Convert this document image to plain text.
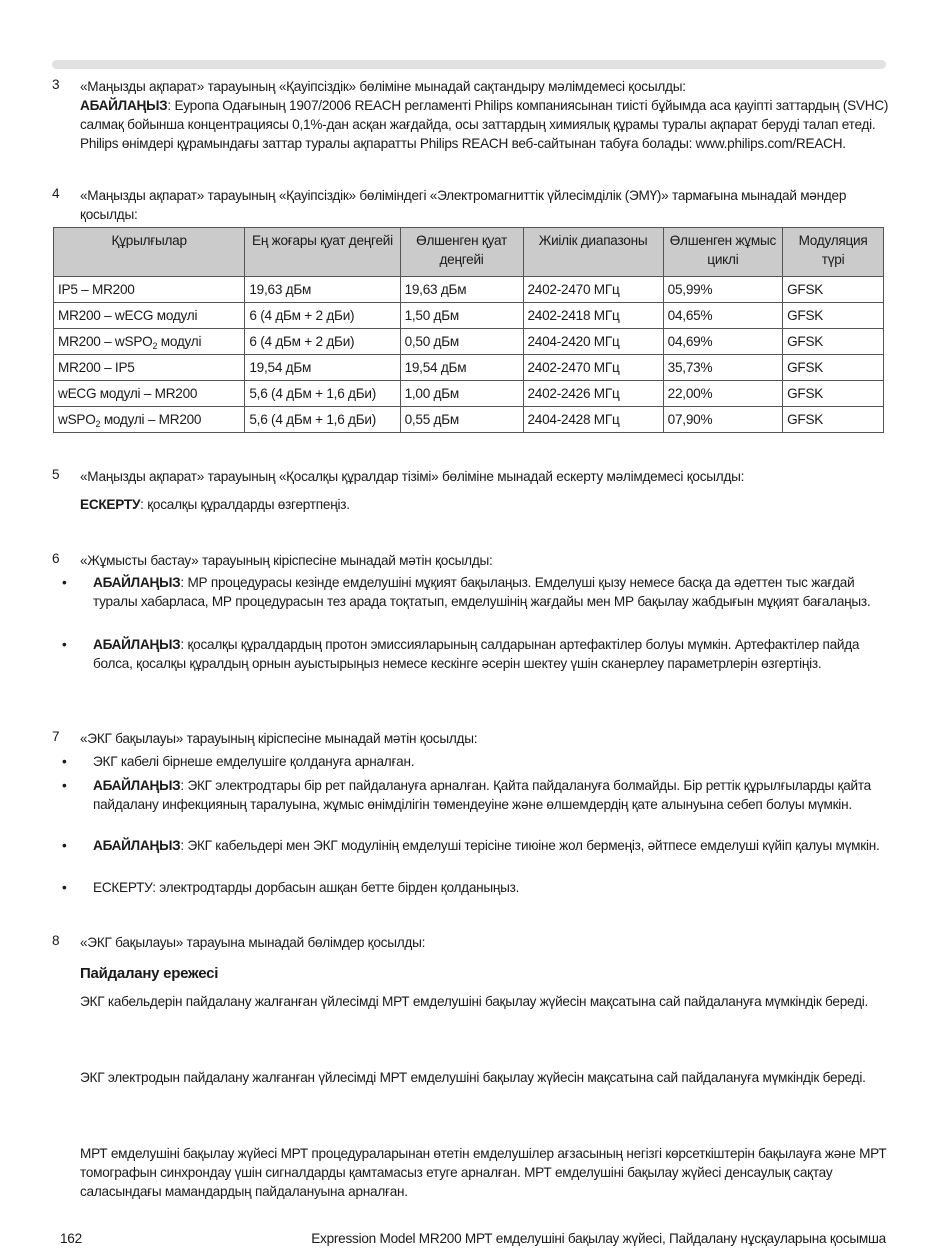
3 «Маңызды ақпарат» тарауының «Қауіпсіздік» бөліміне мынадай сақтандыру мәлімдемесі қосылды:
АБАЙЛАҢЫЗ: Еуропа Одағының 1907/2006 REACH регламенті Philips компаниясынан тиісті бұйымда аса қауіпті заттардың (SVHC) салмақ бойынша концентрациясы 0,1%-дан асқан жағдайда, осы заттардың химиялық құрамы туралы ақпарат беруді талап етеді. Philips өнімдері құрамындағы заттар туралы ақпаратты Philips REACH веб-сайтынан табуға болады: www.philips.com/REACH.
4 «Маңызды ақпарат» тарауының «Қауіпсіздік» бөліміндегі «Электромагниттік үйлесімділік (ЭМҮ)» тармағына мынадай мәндер қосылды:
Құрылғылар	Ең жоғары қуат деңгейі	Өлшенген қуат деңгейі	Жиілік диапазоны	Өлшенген жұмыс циклі	Модуляция түрі
IP5 – MR200	19,63 дБм	19,63 дБм	2402-2470 МГц	05,99%	GFSK
MR200 – wECG модулі	6 (4 дБм + 2 дБи)	1,50 дБм	2402-2418 МГц	04,65%	GFSK
MR200 – wSPO$_2$ модулі	6 (4 дБм + 2 дБи)	0,50 дБм	2404-2420 МГц	04,69%	GFSK
MR200 – IP5	19,54 дБм	19,54 дБм	2402-2470 МГц	35,73%	GFSK
wECG модулі – MR200	5,6 (4 дБм + 1,6 дБи)	1,00 дБм	2402-2426 МГц	22,00%	GFSK
wSPO$_2$ модулі – MR200	5,6 (4 дБм + 1,6 дБи)	0,55 дБм	2404-2428 МГц	07,90%	GFSK
5 «Маңызды ақпарат» тарауының «Қосалқы құралдар тізімі» бөліміне мынадай ескерту мәлімдемесі қосылды:
ЕСКЕРТУ: қосалқы құралдарды өзгертпеңіз.
6 «Жұмысты бастау» тарауының кіріспесіне мынадай мәтін қосылды:
• АБАЙЛАҢЫЗ: МР процедурасы кезінде емделушіні мұқият бақылаңыз. Емделуші қызу немесе басқа да әдеттен тыс жағдай туралы хабарласа, МР процедурасын тез арада тоқтатып, емделушінің жағдайы мен МР бақылау жабдығын мұқият бағалаңыз.
• АБАЙЛАҢЫЗ: қосалқы құралдардың протон эмиссияларының салдарынан артефактілер болуы мүмкін. Артефактілер пайда болса, қосалқы құралдың орнын ауыстырыңыз немесе кескінге әсерін шектеу үшін сканерлеу параметрлерін өзгертіңіз.
7 «ЭКГ бақылауы» тарауының кіріспесіне мынадай мәтін қосылды:
• ЭКГ кабелі бірнеше емделушіге қолдануға арналған.
• АБАЙЛАҢЫЗ: ЭКГ электродтары бір рет пайдалануға арналған. Қайта пайдалануға болмайды. Бір реттік құрылғыларды қайта пайдалану инфекцияның таралуына, жұмыс өнімділігін төмендеуіне және өлшемдердің қате алынуына себеп болуы мүмкін.
• АБАЙЛАҢЫЗ: ЭКГ кабельдері мен ЭКГ модулінің емделуші терісіне тиюіне жол бермеңіз, әйтпесе емделуші күйіп қалуы мүмкін.
• ЕСКЕРТУ: электродтарды дорбасын ашқан бетте бірден қолданыңыз.
8 «ЭКГ бақылауы» тарауына мынадай бөлімдер қосылды:
Пайдалану ережесі
ЭКГ кабельдерін пайдалану жалғанған үйлесімді МРТ емделушіні бақылау жүйесін мақсатына сай пайдалануға мүмкіндік береді.
ЭКГ электродын пайдалану жалғанған үйлесімді МРТ емделушіні бақылау жүйесін мақсатына сай пайдалануға мүмкіндік береді.
МРТ емделушіні бақылау жүйесі МРТ процедураларынан өтетін емделушілер ағзасының негізгі көрсеткіштерін бақылауға және МРТ томографын синхрондау үшін сигналдарды қамтамасыз етуге арналған. МРТ емделушіні бақылау жүйесі денсаулық сақтау саласындағы мамандардың пайдалануына арналған.
162	Expression Model MR200 МРТ емделушіні бақылау жүйесі, Пайдалану нұсқауларына қосымша
